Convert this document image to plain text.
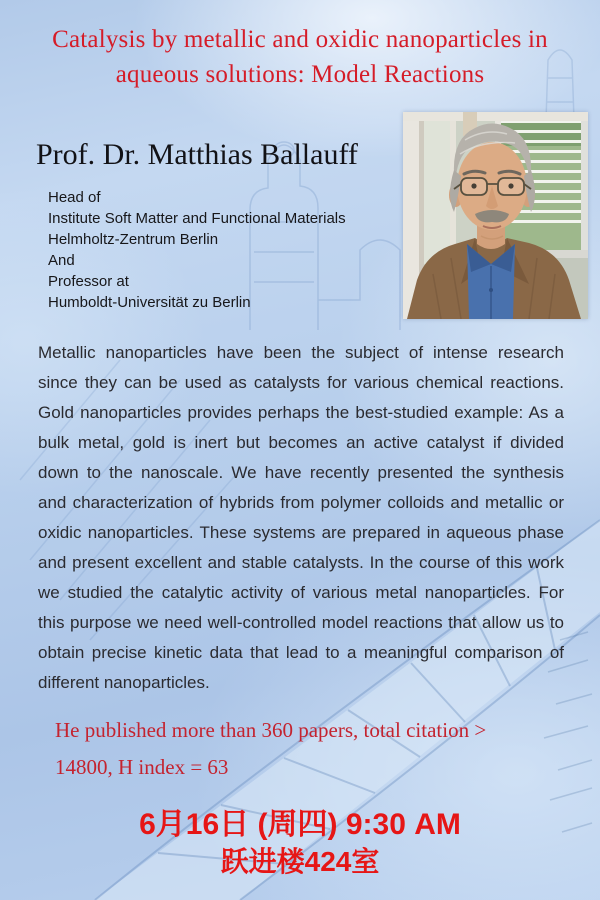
Catalysis by metallic and oxidic nanoparticles in
aqueous solutions: Model Reactions
Prof. Dr. Matthias Ballauff
Head of
Institute Soft Matter and Functional Materials
Helmholtz-Zentrum Berlin
And
Professor at
Humboldt-Universität zu Berlin
Metallic nanoparticles have been the subject of intense research since they can be used as catalysts for various chemical reactions. Gold nanoparticles provides perhaps the best-studied example: As a bulk metal, gold is inert but becomes an active catalyst if divided down to the nanoscale. We have recently presented the synthesis and characterization of hybrids from polymer colloids and metallic or oxidic nanoparticles. These systems are prepared in aqueous phase and present excellent and stable catalysts. In the course of this work we studied the catalytic activity of various metal nanoparticles. For this purpose we need well-controlled model reactions that allow us to obtain precise kinetic data that lead to a meaningful comparison of different nanoparticles.
He published more than 360 papers, total citation >
14800, H index = 63
6月16日 (周四) 9:30 AM
跃进楼424室
